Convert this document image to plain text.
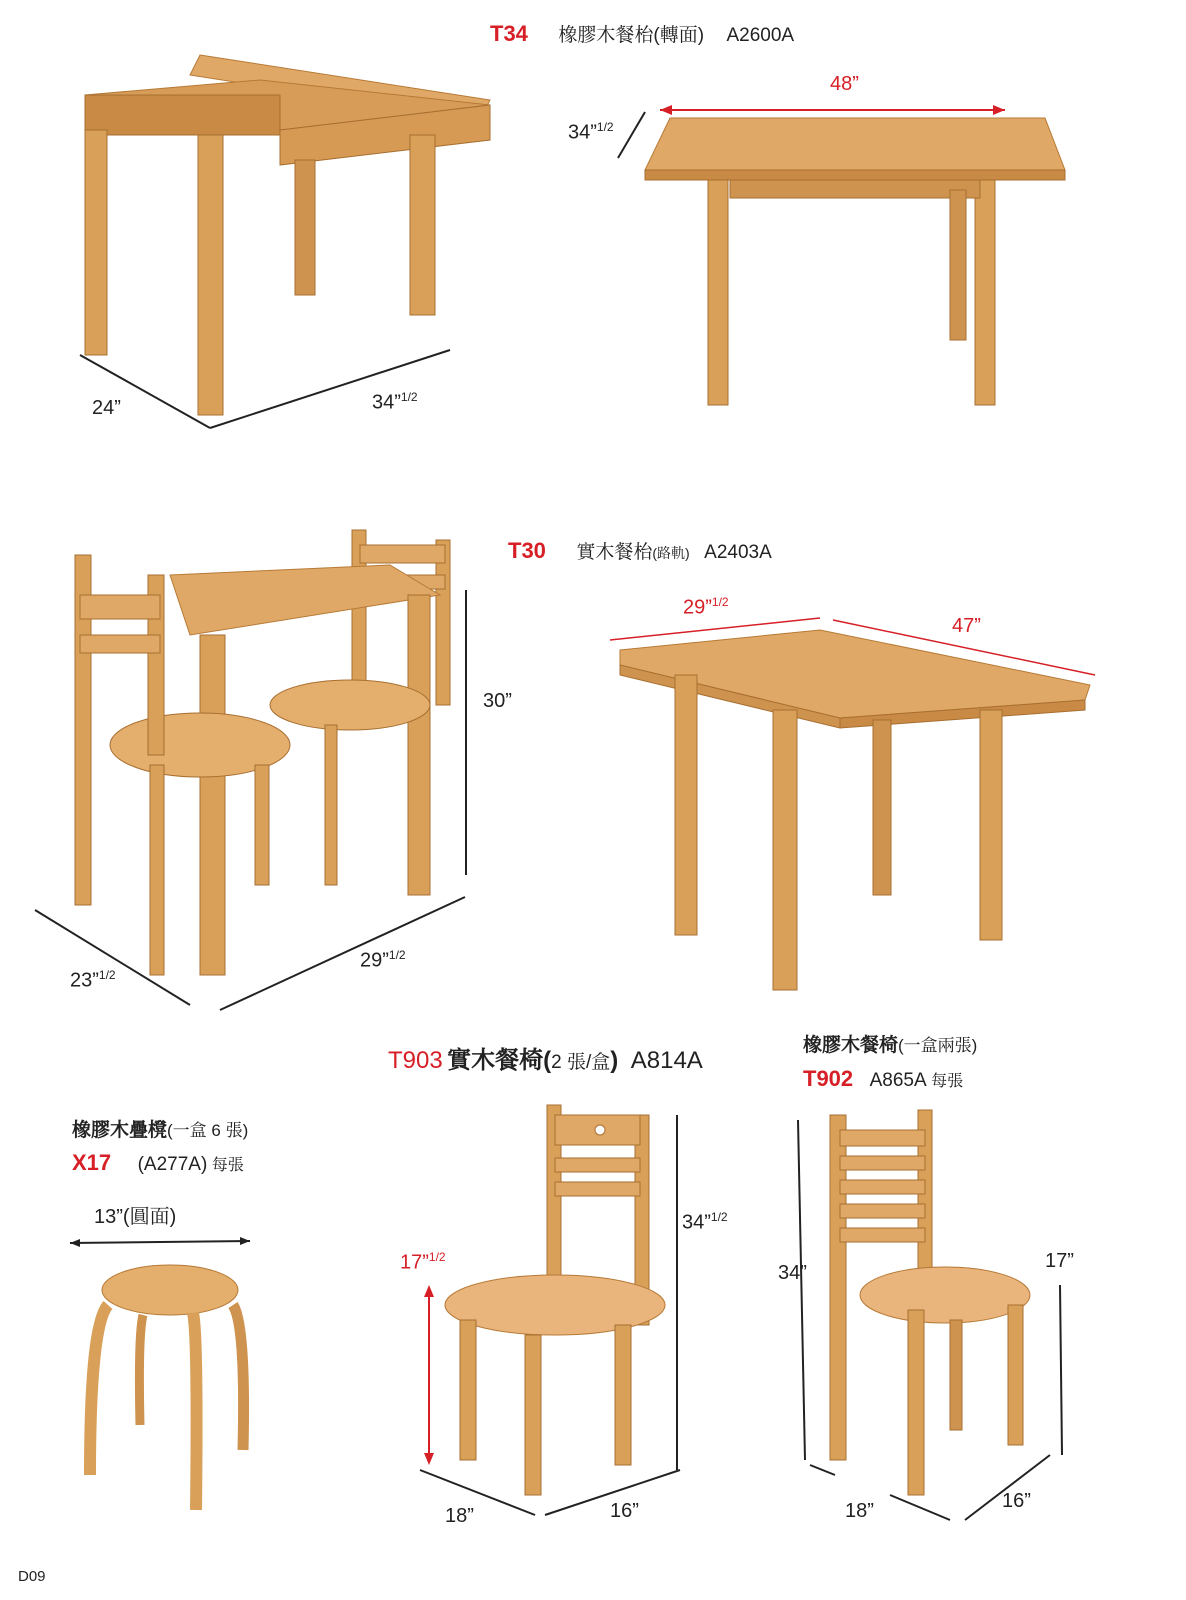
T34 橡膠木餐枱(轉面) A2600A
24”	34”$^{1/2}$
48”
34”$^{1/2}$
T30 實木餐枱(路軌) A2403A
30”
23”$^{1/2}$
29”$^{1/2}$
29”$^{1/2}$
47”
T903 實木餐椅(2 張/盒) A814A
橡膠木餐椅(一盒兩張)
T902 A865A 每張
橡膠木疊櫈(一盒 6 張)
X17 (A277A) 每張
13”(圓面)
17”$^{1/2}$
34”$^{1/2}$
18”	16”
34”
17”
18”	16”
D09
